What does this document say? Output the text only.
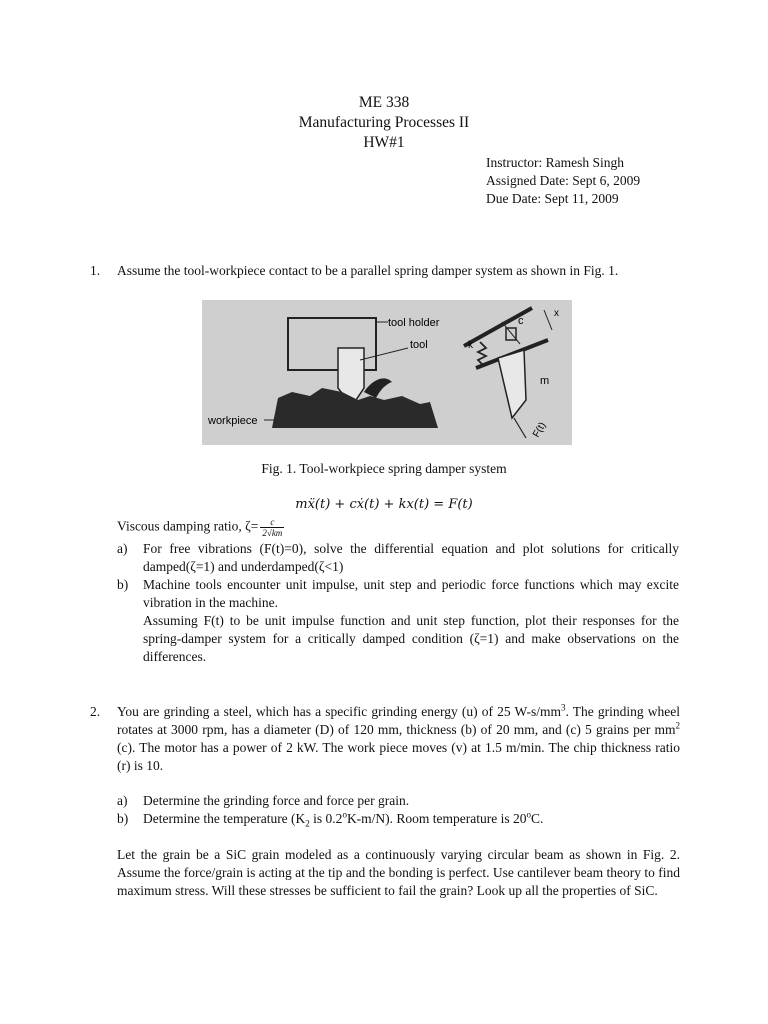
ME 338
Manufacturing Processes II
HW#1
Instructor: Ramesh Singh
Assigned Date: Sept 6, 2009
Due Date: Sept 11, 2009
1. Assume the tool-workpiece contact to be a parallel spring damper system as shown in Fig. 1.
tool holder
tool
workpiece
k
c
x
m
F(t)
Fig. 1. Tool-workpiece spring damper system
mẍ(t) + cẋ(t) + kx(t) = F(t)
Viscous damping ratio, $\zeta= \frac{c}{2√km}$
a) For free vibrations (F(t)=0), solve the differential equation and plot solutions for critically damped(ζ=1) and underdamped(ζ<1)
b) Machine tools encounter unit impulse, unit step and periodic force functions which may excite vibration in the machine.
Assuming F(t) to be unit impulse function and unit step function, plot their responses for the spring-damper system for a critically damped condition (ζ=1) and make observations on the differences.
2. You are grinding a steel, which has a specific grinding energy (u) of 25 $W-s/mm^3$. The grinding wheel rotates at 3000 rpm, has a diameter (D) of 120 mm, thickness (b) of 20 mm, and (c) 5 grains per $mm^2$ (c). The motor has a power of 2 kW. The work piece moves (v) at 1.5 m/min. The chip thickness ratio (r) is 10.
a) Determine the grinding force and force per grain.
b) Determine the temperature ($K_2$ is 0.2$^o$K-m/N). Room temperature is 20$^o$C.
Let the grain be a SiC grain modeled as a continuously varying circular beam as shown in Fig. 2. Assume the force/grain is acting at the tip and the bonding is perfect. Use cantilever beam theory to find maximum stress. Will these stresses be sufficient to fail the grain? Look up all the properties of SiC.
